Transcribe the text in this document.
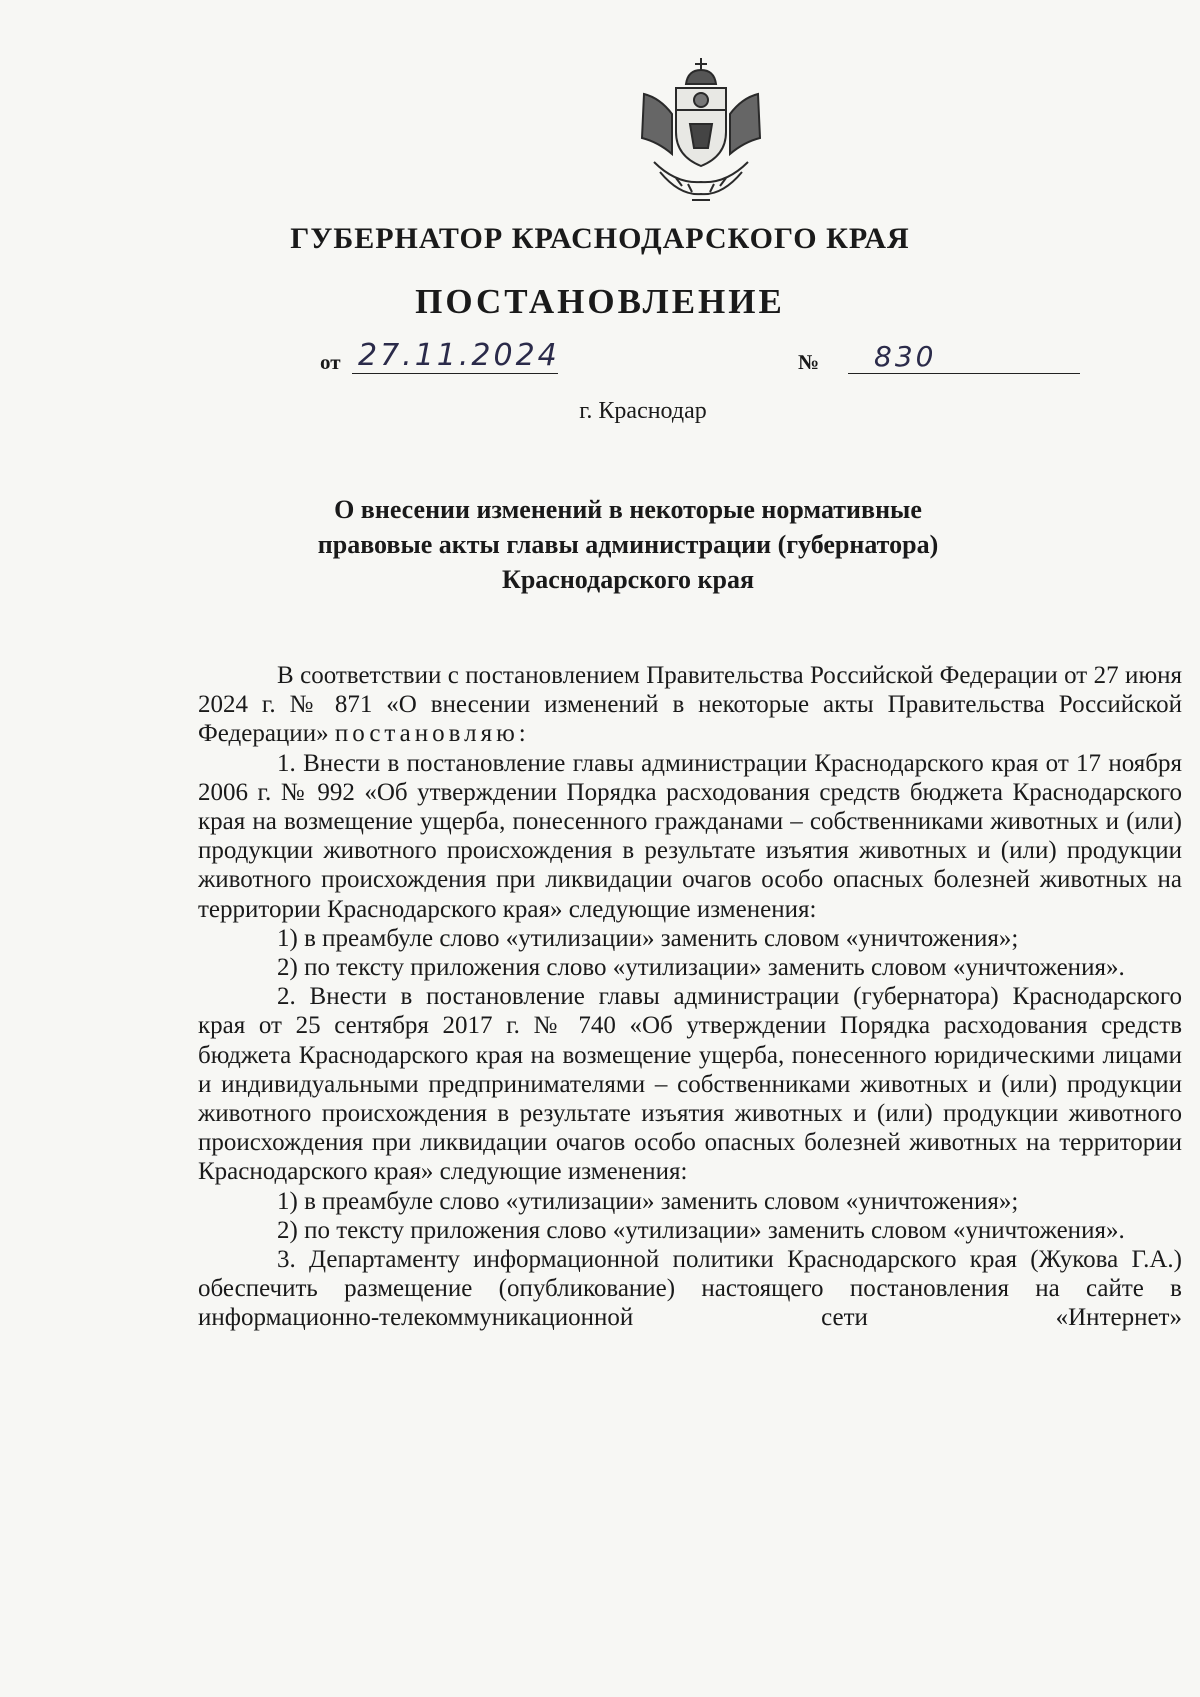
ГУБЕРНАТОР КРАСНОДАРСКОГО КРАЯ
ПОСТАНОВЛЕНИЕ
от 27.11.2024	№	830
г. Краснодар
О внесении изменений в некоторые нормативные
правовые акты главы администрации (губернатора)
Краснодарского края

В соответствии с постановлением Правительства Российской Федерации от 27 июня 2024 г. № 871 «О внесении изменений в некоторые акты Правительства Российской Федерации» постановляю:

1. Внести в постановление главы администрации Краснодарского края от 17 ноября 2006 г. № 992 «Об утверждении Порядка расходования средств бюджета Краснодарского края на возмещение ущерба, понесенного гражданами – собственниками животных и (или) продукции животного происхождения в результате изъятия животных и (или) продукции животного происхождения при ликвидации очагов особо опасных болезней животных на территории Краснодарского края» следующие изменения:

1) в преамбуле слово «утилизации» заменить словом «уничтожения»;

2) по тексту приложения слово «утилизации» заменить словом «уничтожения».

2. Внести в постановление главы администрации (губернатора) Краснодарского края от 25 сентября 2017 г. № 740 «Об утверждении Порядка расходования средств бюджета Краснодарского края на возмещение ущерба, понесенного юридическими лицами и индивидуальными предпринимателями – собственниками животных и (или) продукции животного происхождения в результате изъятия животных и (или) продукции животного происхождения при ликвидации очагов особо опасных болезней животных на территории Краснодарского края» следующие изменения:

1) в преамбуле слово «утилизации» заменить словом «уничтожения»;

2) по тексту приложения слово «утилизации» заменить словом «уничтожения».

3. Департаменту информационной политики Краснодарского края (Жукова Г.А.) обеспечить размещение (опубликование) настоящего постановления на сайте в информационно-телекоммуникационной сети «Интернет»
